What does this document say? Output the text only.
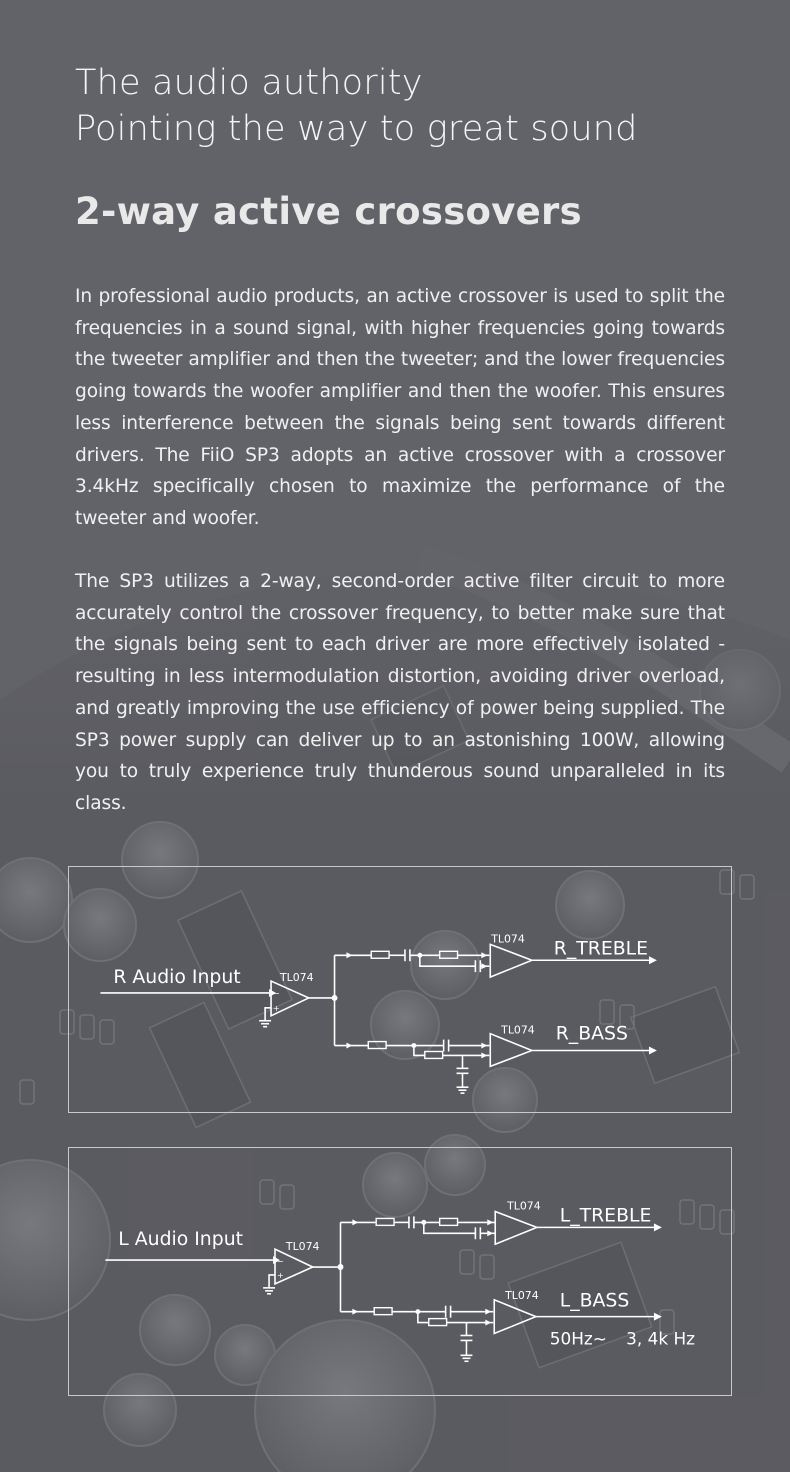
The audio authority
Pointing the way to great sound
2-way active crossovers

In professional audio products, an active crossover is used to split the frequencies in a sound signal, with higher frequencies going towards the tweeter amplifier and then the tweeter; and the lower frequencies going towards the woofer amplifier and then the woofer. This ensures less interference between the signals being sent towards different drivers. The FiiO SP3 adopts an active crossover with a crossover 3.4kHz specifically chosen to maximize the performance of the tweeter and woofer.

The SP3 utilizes a 2-way, second-order active filter circuit to more accurately control the crossover frequency, to better make sure that the signals being sent to each driver are more effectively isolated - resulting in less intermodulation distortion, avoiding driver overload, and greatly improving the use efficiency of power being supplied. The SP3 power supply can deliver up to an astonishing 100W, allowing you to truly experience truly thunderous sound unparalleled in its class.

R Audio Input
−
+
TL074
TL074 R_TREBLE
TL074 R_BASS
L Audio Input
−
+
TL074
TL074 L_TREBLE
TL074 L_BASS
50Hz~ 3, 4k Hz
